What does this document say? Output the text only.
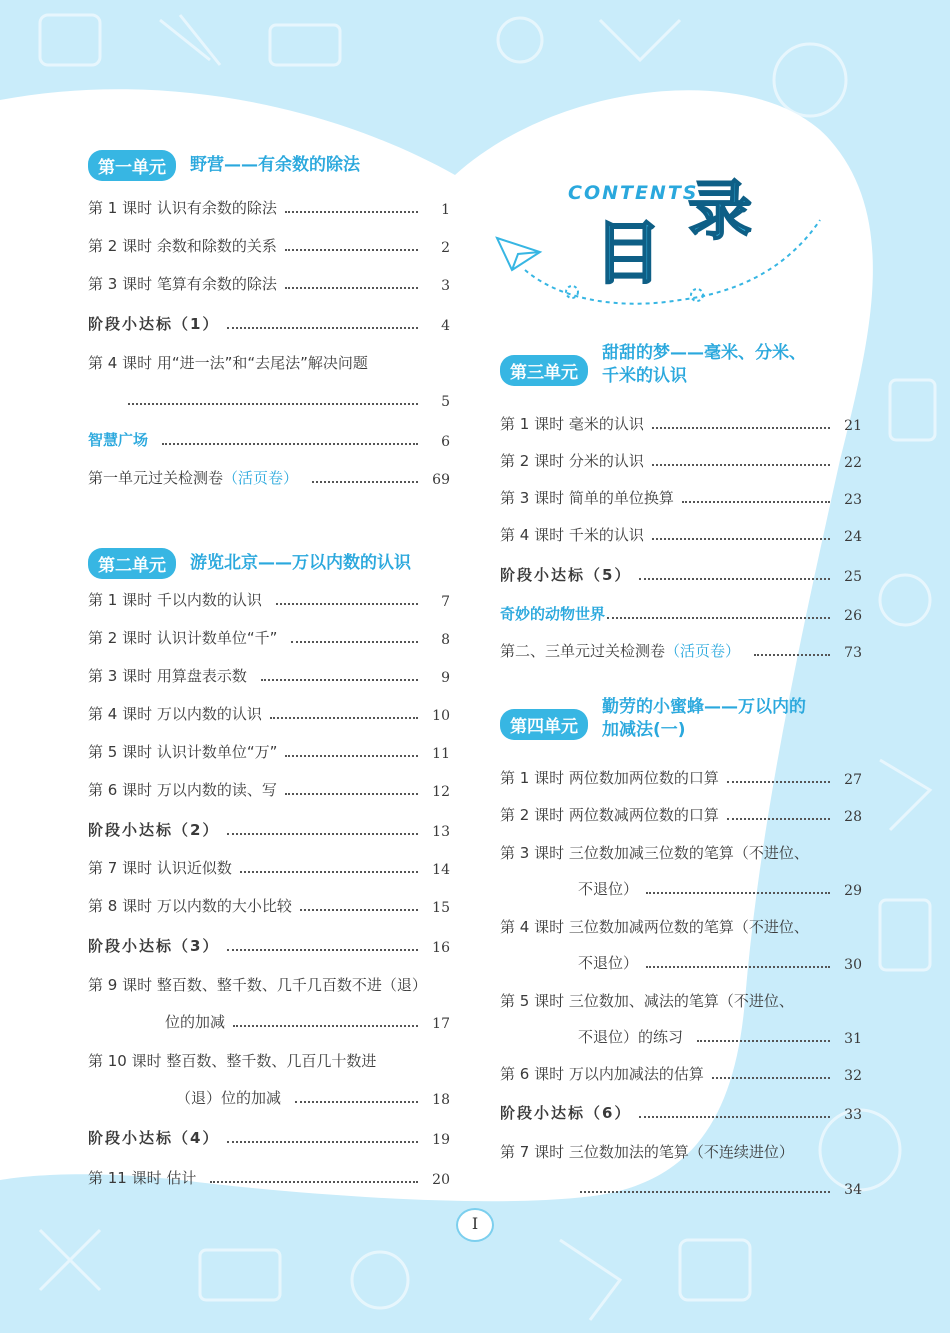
CONTENTS
目
录
第一单元	野营——有余数的除法
第 1 课时 认识有余数的除法	1
第 2 课时 余数和除数的关系	2
第 3 课时 笔算有余数的除法	3
阶段小达标（1）	4
第 4 课时 用“进一法”和“去尾法”解决问题
5
智慧广场	6
第一单元过关检测卷 （活页卷）	69
第二单元	游览北京——万以内数的认识
第 1 课时 千以内数的认识	7
第 2 课时 认识计数单位“千”	8
第 3 课时 用算盘表示数	9
第 4 课时 万以内数的认识	10
第 5 课时 认识计数单位“万”	11
第 6 课时 万以内数的读、写	12
阶段小达标（2）	13
第 7 课时 认识近似数	14
第 8 课时 万以内数的大小比较	15
阶段小达标（3）	16
第 9 课时 整百数、整千数、几千几百数不进（退）
位的加减	17
第 10 课时 整百数、整千数、几百几十数进
（退）位的加减	18
阶段小达标（4）	19
第 11 课时 估计	20
第三单元
甜甜的梦——毫米、分米、
千米的认识
第 1 课时 毫米的认识	21
第 2 课时 分米的认识	22
第 3 课时 简单的单位换算	23
第 4 课时 千米的认识	24
阶段小达标（5）	25
奇妙的动物世界	26
第二、三单元过关检测卷 （活页卷）	73
第四单元
勤劳的小蜜蜂——万以内的
加减法(一)
第 1 课时 两位数加两位数的口算	27
第 2 课时 两位数减两位数的口算	28
第 3 课时 三位数加减三位数的笔算（不进位、
不退位）	29
第 4 课时 三位数加减两位数的笔算（不进位、
不退位）	30
第 5 课时 三位数加、减法的笔算（不进位、
不退位）的练习	31
第 6 课时 万以内加减法的估算	32
阶段小达标（6）	33
第 7 课时 三位数加法的笔算（不连续进位）
34
I
